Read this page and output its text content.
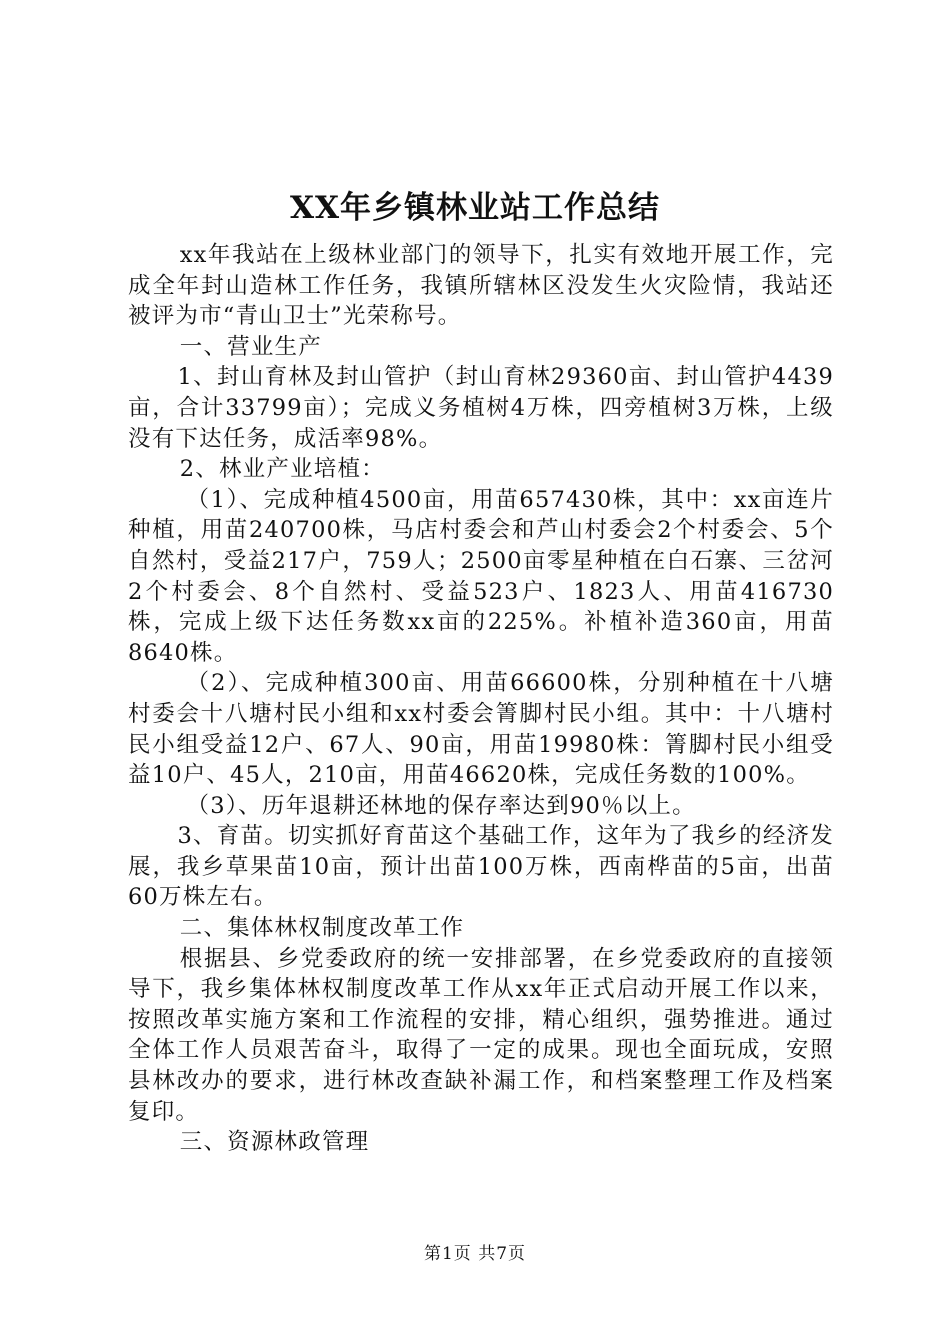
XX年乡镇林业站工作总结

xx年我站在上级林业部门的领导下，扎实有效地开展工作，完成全年封山造林工作任务，我镇所辖林区没发生火灾险情，我站还被评为市“青山卫士”光荣称号。

一、营业生产

1、封山育林及封山管护（封山育林29360亩、封山管护4439亩，合计33799亩）；完成义务植树4万株，四旁植树3万株，上级没有下达任务，成活率98%。

2、林业产业培植：

（1）、完成种植4500亩，用苗657430株，其中：xx亩连片种植，用苗240700株，马店村委会和芦山村委会2个村委会、5个自然村，受益217户，759人；2500亩零星种植在白石寨、三岔河2个村委会、8个自然村、受益523户、1823人、用苗416730株，完成上级下达任务数xx亩的225%。补植补造360亩，用苗8640株。

（2）、完成种植300亩、用苗66600株，分别种植在十八塘村委会十八塘村民小组和xx村委会箐脚村民小组。其中：十八塘村民小组受益12户、67人、90亩，用苗19980株：箐脚村民小组受益10户、45人，210亩，用苗46620株，完成任务数的100%。

（3）、历年退耕还林地的保存率达到90％以上。

3、育苗。切实抓好育苗这个基础工作，这年为了我乡的经济发展，我乡草果苗10亩，预计出苗100万株，西南桦苗的5亩，出苗60万株左右。

二、集体林权制度改革工作

根据县、乡党委政府的统一安排部署，在乡党委政府的直接领导下，我乡集体林权制度改革工作从xx年正式启动开展工作以来，按照改革实施方案和工作流程的安排，精心组织，强势推进。通过全体工作人员艰苦奋斗，取得了一定的成果。现也全面玩成，安照县林改办的要求，进行林改查缺补漏工作，和档案整理工作及档案复印。

三、资源林政管理

第1页 共7页
